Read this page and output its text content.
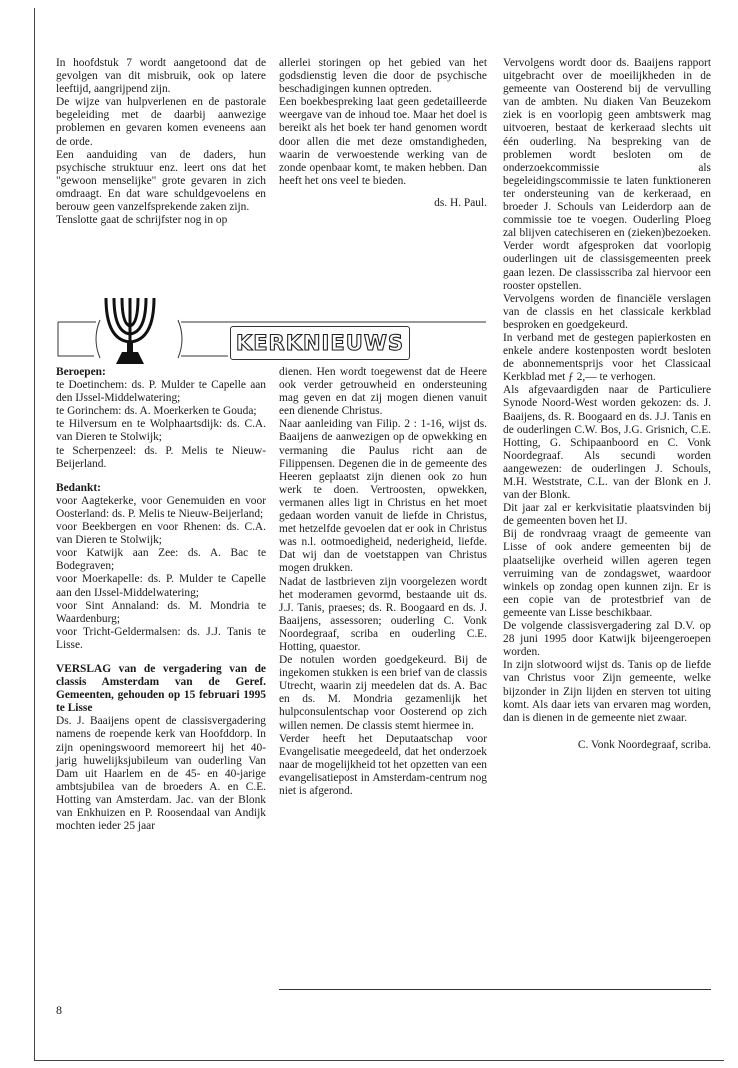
In hoofdstuk 7 wordt aangetoond dat de gevolgen van dit misbruik, ook op latere leeftijd, aangrijpend zijn.

De wijze van hulpverlenen en de pastorale begeleiding met de daarbij aanwezige problemen en gevaren komen eveneens aan de orde.

Een aanduiding van de daders, hun psychische struktuur enz. leert ons dat het "gewoon menselijke" grote gevaren in zich omdraagt. En dat ware schuldgevoelens en berouw geen vanzelfsprekende zaken zijn.

Tenslotte gaat de schrijfster nog in op

allerlei storingen op het gebied van het godsdienstig leven die door de psychische beschadigingen kunnen optreden.

Een boekbespreking laat geen gedetailleerde weergave van de inhoud toe. Maar het doel is bereikt als het boek ter hand genomen wordt door allen die met deze omstandigheden, waarin de verwoestende werking van de zonde openbaar komt, te maken hebben. Dan heeft het ons veel te bieden.

ds. H. Paul.

KERKNIEUWS

Vervolgens wordt door ds. Baaijens rapport uitgebracht over de moeilijkheden in de gemeente van Oosterend bij de vervulling van de ambten. Nu diaken Van Beuzekom ziek is en voorlopig geen ambtswerk mag uitvoeren, bestaat de kerkeraad slechts uit één ouderling. Na bespreking van de problemen wordt besloten om de onderzoekcommissie als begeleidingscommissie te laten funktioneren ter ondersteuning van de kerkeraad, en broeder J. Schouls van Leiderdorp aan de commissie toe te voegen. Ouderling Ploeg zal blijven catechiseren en (zieken)bezoeken. Verder wordt afgesproken dat voorlopig ouderlingen uit de classisgemeenten preek gaan lezen. De classisscriba zal hiervoor een rooster opstellen.

Vervolgens worden de financiële verslagen van de classis en het classicale kerkblad besproken en goedgekeurd.

In verband met de gestegen papierkosten en enkele andere kostenposten wordt besloten de abonnementsprijs voor het Classicaal Kerkblad met ƒ 2,— te verhogen.

Als afgevaardigden naar de Particuliere Synode Noord-West worden gekozen: ds. J. Baaijens, ds. R. Boogaard en ds. J.J. Tanis en de ouderlingen C.W. Bos, J.G. Grisnich, C.E. Hotting, G. Schipaanboord en C. Vonk Noordegraaf. Als secundi worden aangewezen: de ouderlingen J. Schouls, M.H. Weststrate, C.L. van der Blonk en J. van der Blonk.

Dit jaar zal er kerkvisitatie plaatsvinden bij de gemeenten boven het IJ.

Bij de rondvraag vraagt de gemeente van Lisse of ook andere gemeenten bij de plaatselijke overheid willen ageren tegen verruiming van de zondagswet, waardoor winkels op zondag open kunnen zijn. Er is een copie van de protestbrief van de gemeente van Lisse beschikbaar.

De volgende classisvergadering zal D.V. op 28 juni 1995 door Katwijk bijeengeroepen worden.

In zijn slotwoord wijst ds. Tanis op de liefde van Christus voor Zijn gemeente, welke bijzonder in Zijn lijden en sterven tot uiting komt. Als daar iets van ervaren mag worden, dan is dienen in de gemeente niet zwaar.

C. Vonk Noordegraaf, scriba.

Beroepen:

te Doetinchem: ds. P. Mulder te Capelle aan den IJssel-Middelwatering;

te Gorinchem: ds. A. Moerkerken te Gouda;

te Hilversum en te Wolphaartsdijk: ds. C.A. van Dieren te Stolwijk;

te Scherpenzeel: ds. P. Melis te Nieuw-Beijerland.

Bedankt:

voor Aagtekerke, voor Genemuiden en voor Oosterland: ds. P. Melis te Nieuw-Beijerland;

voor Beekbergen en voor Rhenen: ds. C.A. van Dieren te Stolwijk;

voor Katwijk aan Zee: ds. A. Bac te Bodegraven;

voor Moerkapelle: ds. P. Mulder te Capelle aan den IJssel-Middelwatering;

voor Sint Annaland: ds. M. Mondria te Waardenburg;

voor Tricht-Geldermalsen: ds. J.J. Tanis te Lisse.

VERSLAG van de vergadering van de classis Amsterdam van de Geref. Gemeenten, gehouden op 15 februari 1995 te Lisse

Ds. J. Baaijens opent de classisvergadering namens de roepende kerk van Hoofddorp. In zijn openingswoord memoreert hij het 40-jarig huwelijksjubileum van ouderling Van Dam uit Haarlem en de 45- en 40-jarige ambtsjubilea van de broeders A. en C.E. Hotting van Amsterdam. Jac. van der Blonk van Enkhuizen en P. Roosendaal van Andijk mochten ieder 25 jaar

dienen. Hen wordt toegewenst dat de Heere ook verder getrouwheid en ondersteuning mag geven en dat zij mogen dienen vanuit een dienende Christus.

Naar aanleiding van Filip. 2 : 1-16, wijst ds. Baaijens de aanwezigen op de opwekking en vermaning die Paulus richt aan de Filippensen. Degenen die in de gemeente des Heeren geplaatst zijn dienen ook zo hun werk te doen. Vertroosten, opwekken, vermanen alles ligt in Christus en het moet gedaan worden vanuit de liefde in Christus, met hetzelfde gevoelen dat er ook in Christus was n.l. ootmoedigheid, nederigheid, liefde. Dat wij dan de voetstappen van Christus mogen drukken.

Nadat de lastbrieven zijn voorgelezen wordt het moderamen gevormd, bestaande uit ds. J.J. Tanis, praeses; ds. R. Boogaard en ds. J. Baaijens, assessoren; ouderling C. Vonk Noordegraaf, scriba en ouderling C.E. Hotting, quaestor.

De notulen worden goedgekeurd. Bij de ingekomen stukken is een brief van de classis Utrecht, waarin zij meedelen dat ds. A. Bac en ds. M. Mondria gezamenlijk het hulpconsulentschap voor Oosterend op zich willen nemen. De classis stemt hiermee in.

Verder heeft het Deputaatschap voor Evangelisatie meegedeeld, dat het onderzoek naar de mogelijkheid tot het opzetten van een evangelisatiepost in Amsterdam-centrum nog niet is afgerond.

8
